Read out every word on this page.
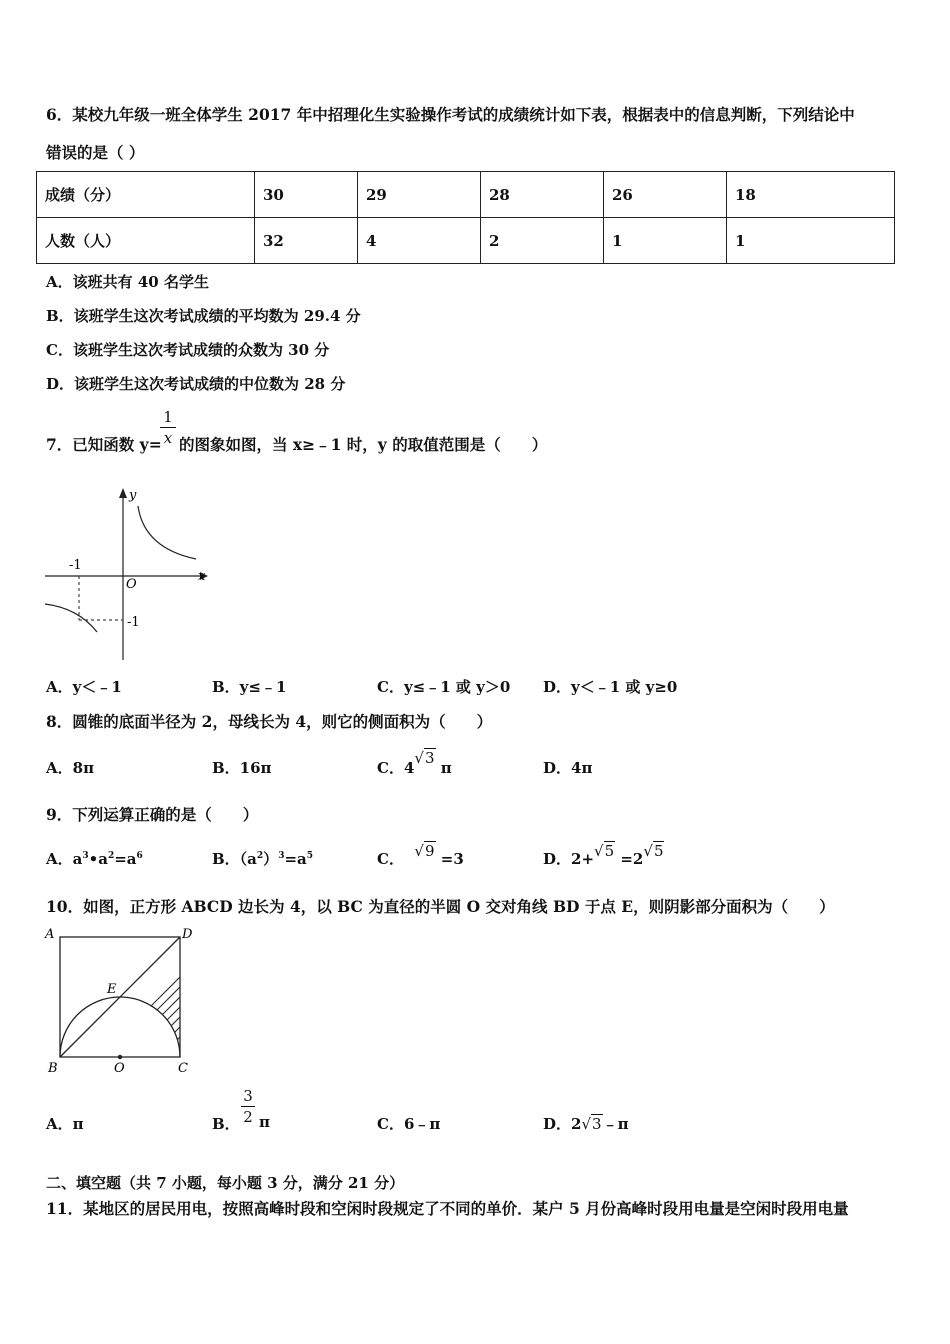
6．某校九年级一班全体学生 2017 年中招理化生实验操作考试的成绩统计如下表，根据表中的信息判断，下列结论中
错误的是（ ）
成绩（分）	30	29	28	26	18
人数（人）	32	4	2	1	1
A．该班共有 40 名学生
B．该班学生这次考试成绩的平均数为 29.4 分
C．该班学生这次考试成绩的众数为 30 分
D．该班学生这次考试成绩的中位数为 28 分
7．已知函数 y=
1
x 的图象如图，当 x≥﹣1 时，y 的取值范围是（　　）
y
x
O
-1
-1
A．y＜﹣1	B．y≤﹣1	C．y≤﹣1 或 y＞0 D．y＜﹣1 或 y≥0
8．圆锥的底面半径为 2，母线长为 4，则它的侧面积为（　　）
A．8π	B．16π	C．4√3 π	D．4π
9．下列运算正确的是（　　）
A．$a^3•a^2=a^6$	B．$(a^2)^3=a^5$	C． √9 =3	D．2+√5 =2√5
10．如图，正方形 ABCD 边长为 4，以 BC 为直径的半圆 O 交对角线 BD 于点 E，则阴影部分面积为（　　）
A	D
B	C
O
E
A．π	B．
3
2 π	C．6﹣π	D．2√3﹣π
二、填空题（共 7 小题，每小题 3 分，满分 21 分）
11．某地区的居民用电，按照高峰时段和空闲时段规定了不同的单价．某户 5 月份高峰时段用电量是空闲时段用电量
